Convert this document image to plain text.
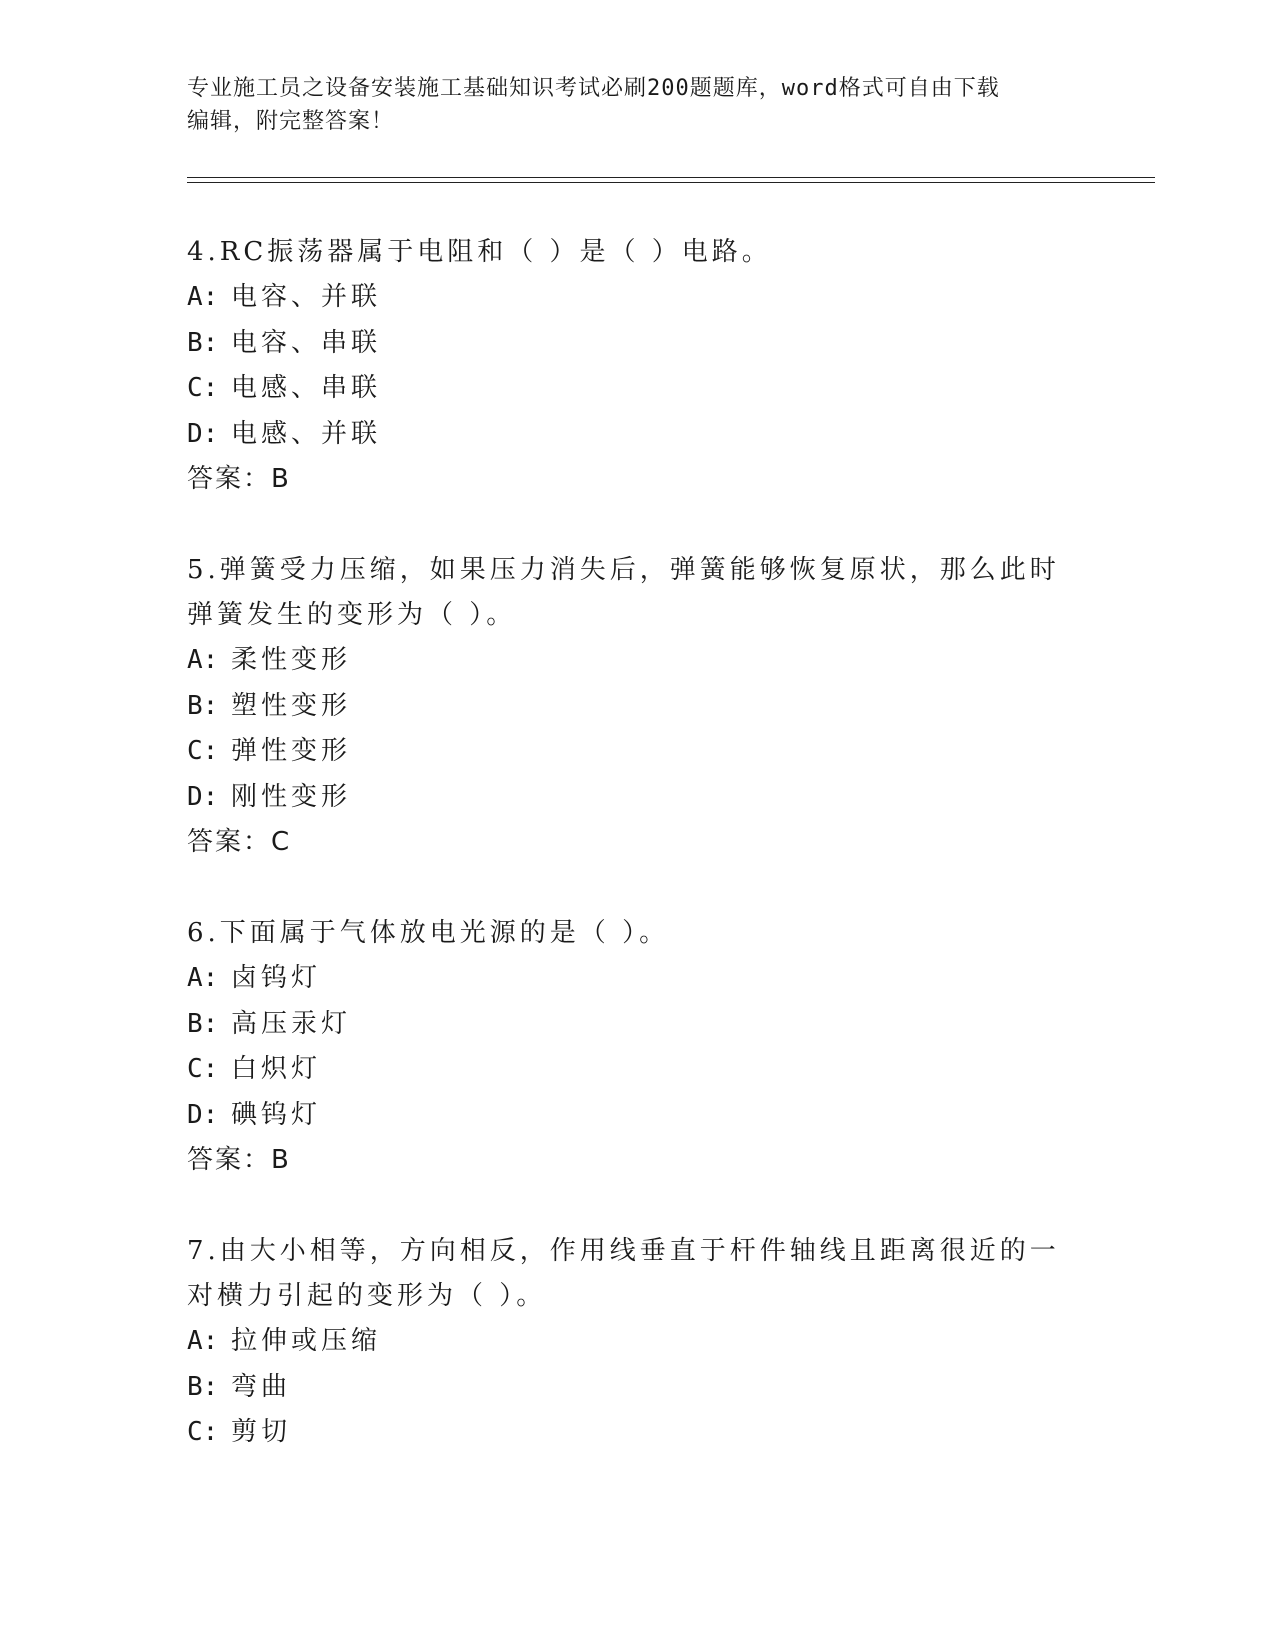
专业施工员之设备安装施工基础知识考试必刷200题题库，word格式可自由下载
编辑，附完整答案！
4.RC振荡器属于电阻和（ ）是（ ）电路。
A: 电容、并联
B: 电容、串联
C: 电感、串联
D: 电感、并联
答案：B
5.弹簧受力压缩，如果压力消失后，弹簧能够恢复原状，那么此时弹簧发生的变形为（ ）。
A: 柔性变形
B: 塑性变形
C: 弹性变形
D: 刚性变形
答案：C
6.下面属于气体放电光源的是（ ）。
A: 卤钨灯
B: 高压汞灯
C: 白炽灯
D: 碘钨灯
答案：B
7.由大小相等，方向相反，作用线垂直于杆件轴线且距离很近的一对横力引起的变形为（ ）。
A: 拉伸或压缩
B: 弯曲
C: 剪切
